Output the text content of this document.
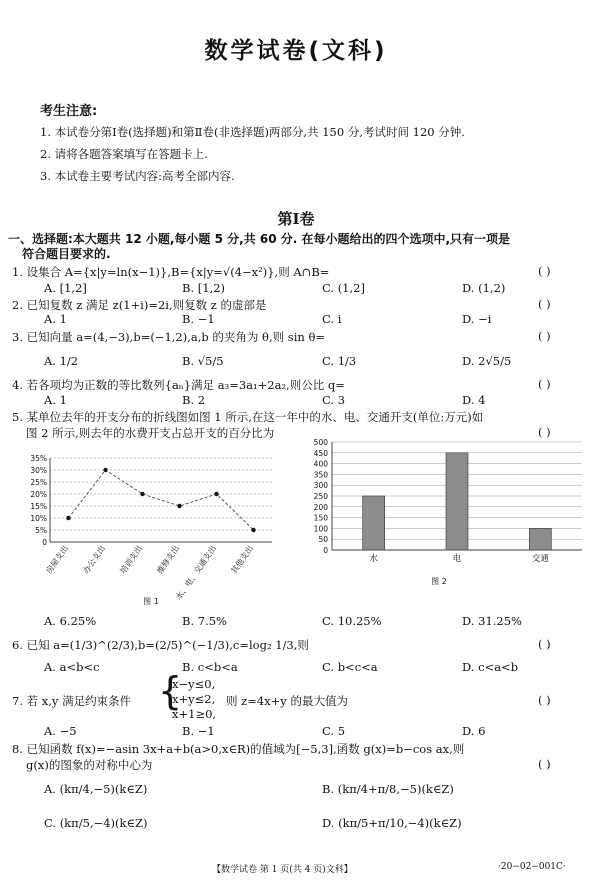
数学试卷(文科)
考生注意:
1. 本试卷分第Ⅰ卷(选择题)和第Ⅱ卷(非选择题)两部分,共 150 分,考试时间 120 分钟.
2. 请将各题答案填写在答题卡上.
3. 本试卷主要考试内容:高考全部内容.
第Ⅰ卷
一、选择题:本大题共 12 小题,每小题 5 分,共 60 分. 在每小题给出的四个选项中,只有一项是
符合题目要求的.
1. 设集合 A={x|y=ln(x−1)},B={x|y=√(4−x²)},则 A∩B=	( )
A. [1,2]	B. [1,2)	C. (1,2]	D. (1,2)
2. 已知复数 z 满足 z(1+i)=2i,则复数 z 的虚部是	( )
A. 1	B. −1	C. i	D. −i
3. 已知向量 a=(4,−3),b=(−1,2),a,b 的夹角为 θ,则 sin θ=	( )
A. 1/2	B. √5/5	C. 1/3	D. 2√5/5
4. 若各项均为正数的等比数列{aₙ}满足 a₃=3a₁+2a₂,则公比 q=	( )
A. 1	B. 2	C. 3	D. 4
5. 某单位去年的开支分布的折线图如图 1 所示,在这一年中的水、电、交通开支(单位:万元)如
图 2 所示,则去年的水费开支占总开支的百分比为	( )
0
5%
10%
15%
20%
25%
30%
35%
房屋支出 办公支出 培训支出 维修支出
水、电、交通支出 其他支出
图 1
0
50
100
150
200
250
300
350
400
450
500
水	电	交通
图 2
A. 6.25%	B. 7.5%	C. 10.25%	D. 31.25%
6. 已知 a=(1/3)^(2/3),b=(2/5)^(−1/3),c=log₂ 1/3,则	( )
A. a<b<c	B. c<b<a	C. b<c<a	D. c<a<b
7. 若 x,y 满足约束条件 {
x−y≤0,
x+y≤2,
x+1≥0,
则 z=4x+y 的最大值为	( )
A. −5	B. −1	C. 5	D. 6
8. 已知函数 f(x)=−asin 3x+a+b(a>0,x∈R)的值域为[−5,3],函数 g(x)=b−cos ax,则
g(x)的图象的对称中心为	( )
A. (kπ/4,−5)(k∈Z)	B. (kπ/4+π/8,−5)(k∈Z)
C. (kπ/5,−4)(k∈Z)	D. (kπ/5+π/10,−4)(k∈Z)
【数学试卷 第 1 页(共 4 页)文科】	·20−02−001C·
